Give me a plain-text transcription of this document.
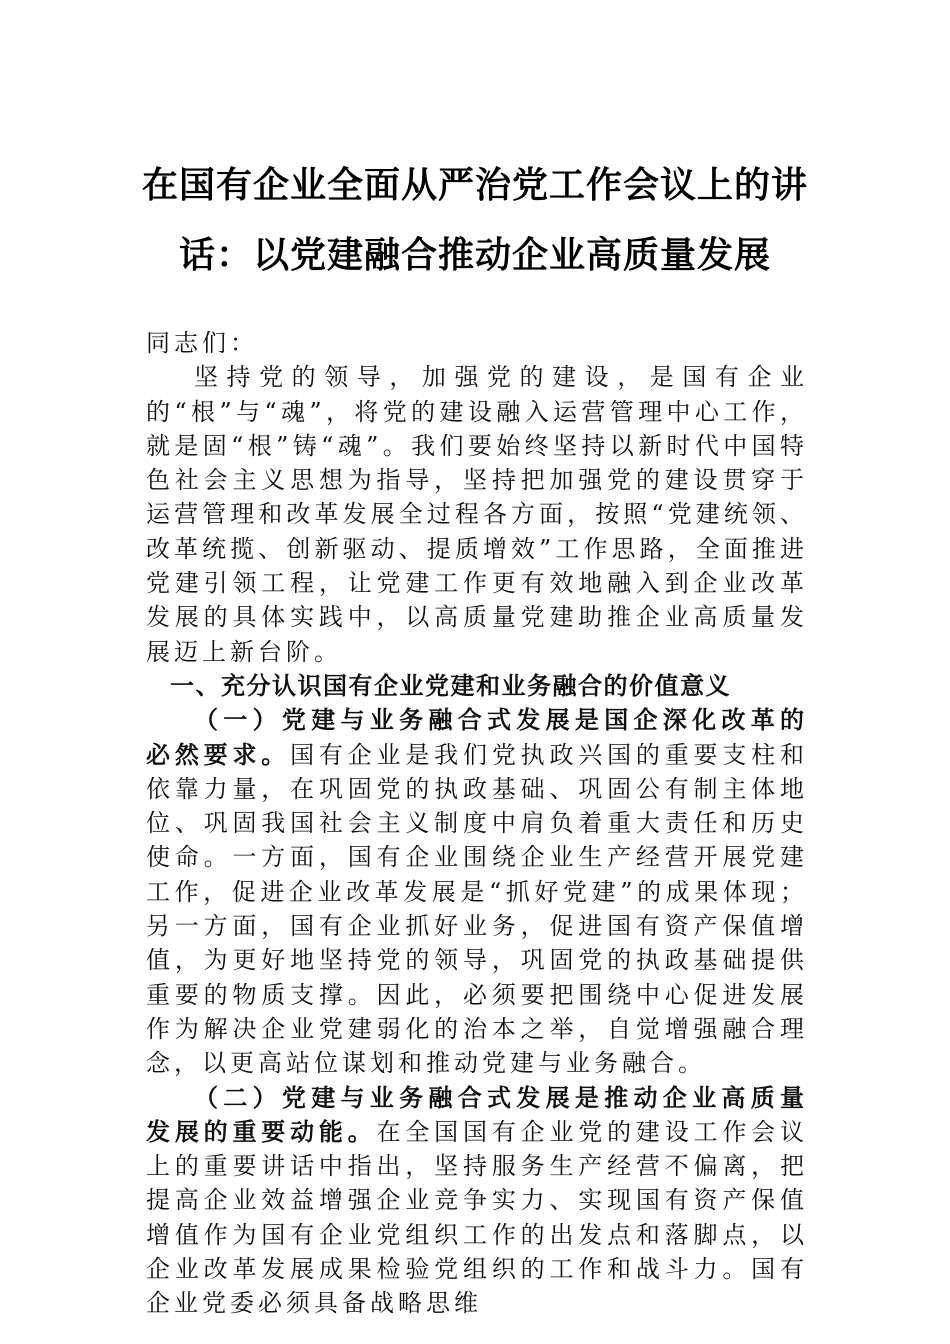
在国有企业全面从严治党工作会议上的讲
话：以党建融合推动企业高质量发展

同志们：

坚持党的领导，加强党的建设，是国有企业的“根”与“魂”，将党的建设融入运营管理中心工作，就是固“根”铸“魂”。我们要始终坚持以新时代中国特色社会主义思想为指导，坚持把加强党的建设贯穿于运营管理和改革发展全过程各方面，按照“党建统领、改革统揽、创新驱动、提质增效”工作思路，全面推进党建引领工程，让党建工作更有效地融入到企业改革发展的具体实践中，以高质量党建助推企业高质量发展迈上新台阶。

一、充分认识国有企业党建和业务融合的价值意义

（一）党建与业务融合式发展是国企深化改革的必然要求。国有企业是我们党执政兴国的重要支柱和依靠力量，在巩固党的执政基础、巩固公有制主体地位、巩固我国社会主义制度中肩负着重大责任和历史使命。一方面，国有企业围绕企业生产经营开展党建工作，促进企业改革发展是“抓好党建”的成果体现；另一方面，国有企业抓好业务，促进国有资产保值增值，为更好地坚持党的领导，巩固党的执政基础提供重要的物质支撑。因此，必须要把围绕中心促进发展作为解决企业党建弱化的治本之举，自觉增强融合理念，以更高站位谋划和推动党建与业务融合。

（二）党建与业务融合式发展是推动企业高质量发展的重要动能。在全国国有企业党的建设工作会议上的重要讲话中指出，坚持服务生产经营不偏离，把提高企业效益增强企业竞争实力、实现国有资产保值增值作为国有企业党组织工作的出发点和落脚点，以企业改革发展成果检验党组织的工作和战斗力。国有企业党委必须具备战略思维
